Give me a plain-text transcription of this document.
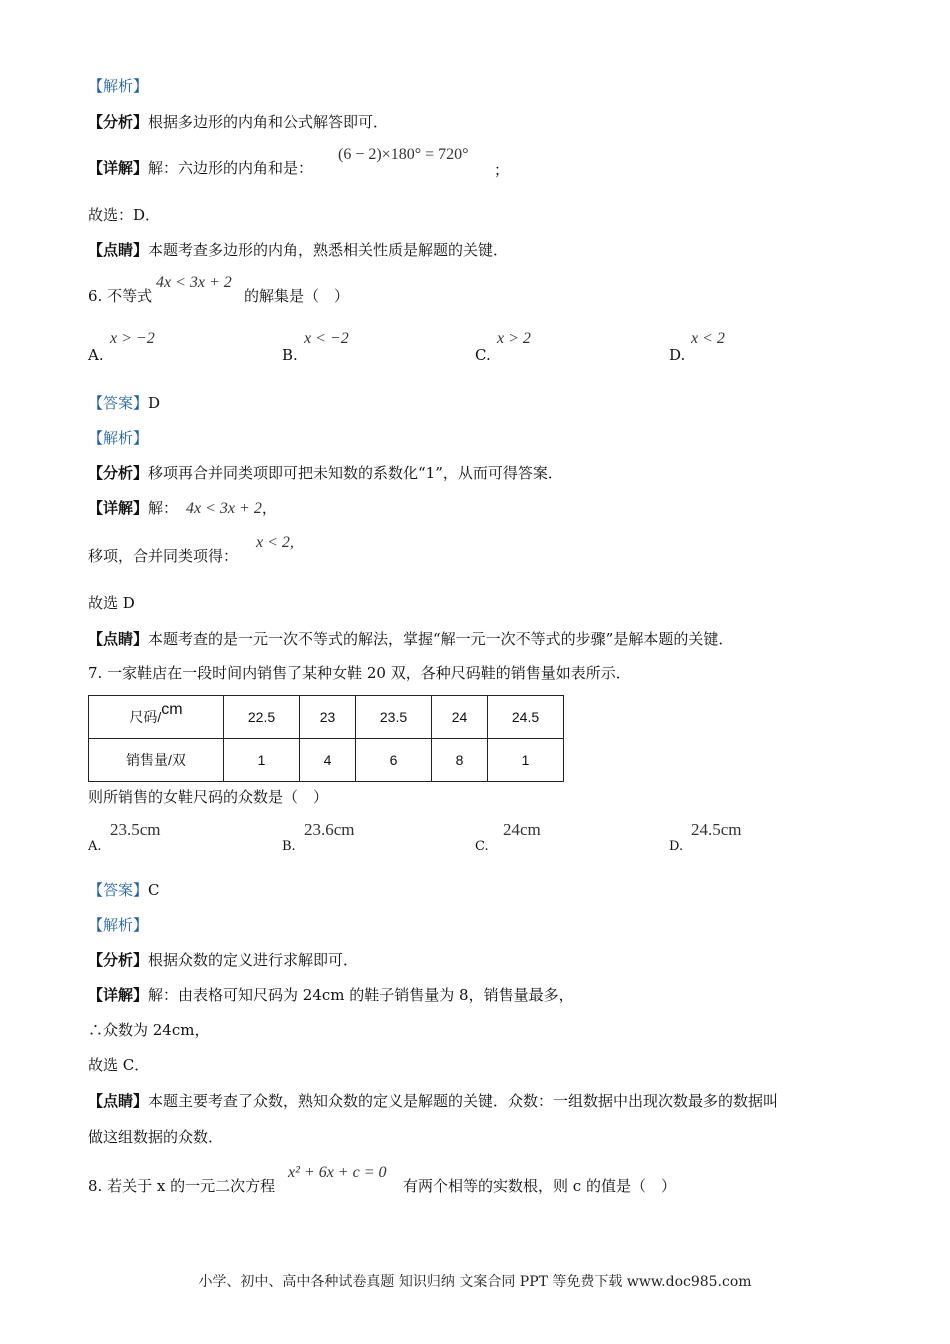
【解析】
【分析】根据多边形的内角和公式解答即可．
【详解】解：六边形的内角和是：
(6 − 2)×180° = 720°
；
故选：D．
【点睛】本题考查多边形的内角，熟悉相关性质是解题的关键．
6. 不等式
4x < 3x + 2
的解集是（　）
A.
x > −2
B.
x < −2
C.
x > 2
D.
x < 2
【答案】D
【解析】
【分析】移项再合并同类项即可把未知数的系数化“1”，从而可得答案．
【详解】解： 4x < 3x + 2，
移项，合并同类项得：
x < 2,
故选 D
【点睛】本题考查的是一元一次不等式的解法，掌握“解一元一次不等式的步骤”是解本题的关键．
7. 一家鞋店在一段时间内销售了某种女鞋 20 双，各种尺码鞋的销售量如表所示．
尺码/cm	22.5	23	23.5	24	24.5
销售量/双	1	4	6	8	1
则所销售的女鞋尺码的众数是（　）
A.
23.5cm
B.
23.6cm
C.
24cm
D.
24.5cm
【答案】C
【解析】
【分析】根据众数的定义进行求解即可．
【详解】解：由表格可知尺码为 24cm 的鞋子销售量为 8，销售量最多，
∴众数为 24cm，
故选 C．
【点睛】本题主要考查了众数，熟知众数的定义是解题的关键．众数：一组数据中出现次数最多的数据叫
做这组数据的众数．
8. 若关于 x 的一元二次方程
x² + 6x + c = 0
有两个相等的实数根，则 c 的值是（　）
小学、初中、高中各种试卷真题 知识归纳 文案合同 PPT 等免费下载 www.doc985.com
